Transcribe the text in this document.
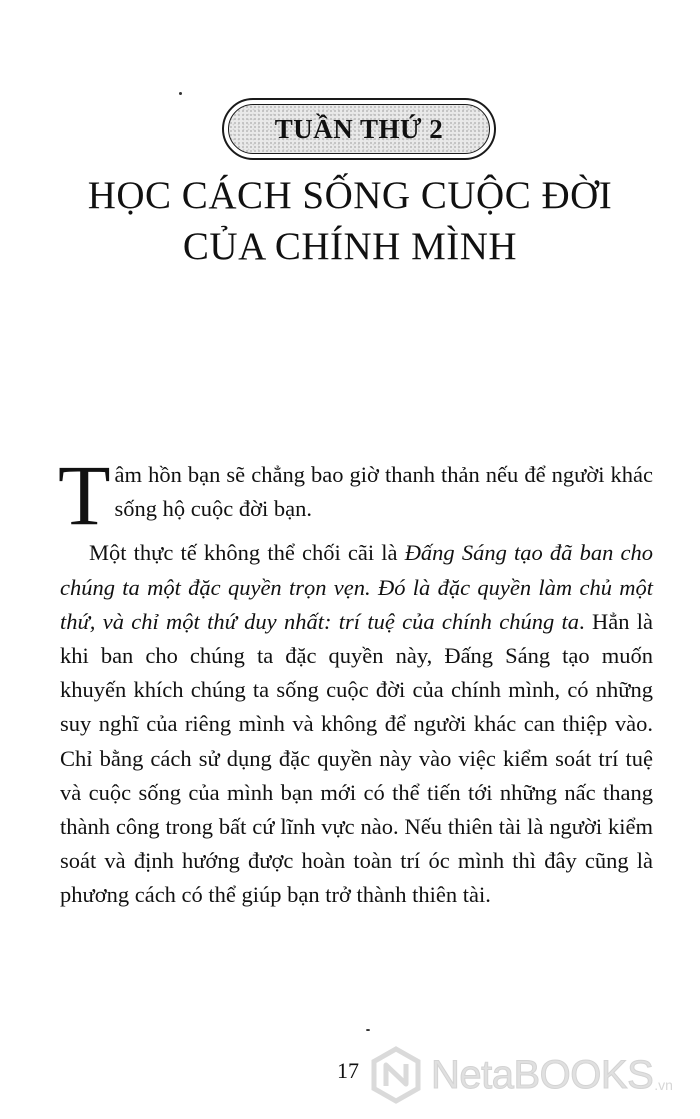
TUẦN THỨ 2
HỌC CÁCH SỐNG CUỘC ĐỜI
CỦA CHÍNH MÌNH

Tâm hồn bạn sẽ chẳng bao giờ thanh thản nếu để người khác sống hộ cuộc đời bạn.

Một thực tế không thể chối cãi là Đấng Sáng tạo đã ban cho chúng ta một đặc quyền trọn vẹn. Đó là đặc quyền làm chủ một thứ, và chỉ một thứ duy nhất: trí tuệ của chính chúng ta. Hẳn là khi ban cho chúng ta đặc quyền này, Đấng Sáng tạo muốn khuyến khích chúng ta sống cuộc đời của chính mình, có những suy nghĩ của riêng mình và không để người khác can thiệp vào. Chỉ bằng cách sử dụng đặc quyền này vào việc kiểm soát trí tuệ và cuộc sống của mình bạn mới có thể tiến tới những nấc thang thành công trong bất cứ lĩnh vực nào. Nếu thiên tài là người kiểm soát và định hướng được hoàn toàn trí óc mình thì đây cũng là phương cách có thể giúp bạn trở thành thiên tài.

17 NetaBOOKS .vn
